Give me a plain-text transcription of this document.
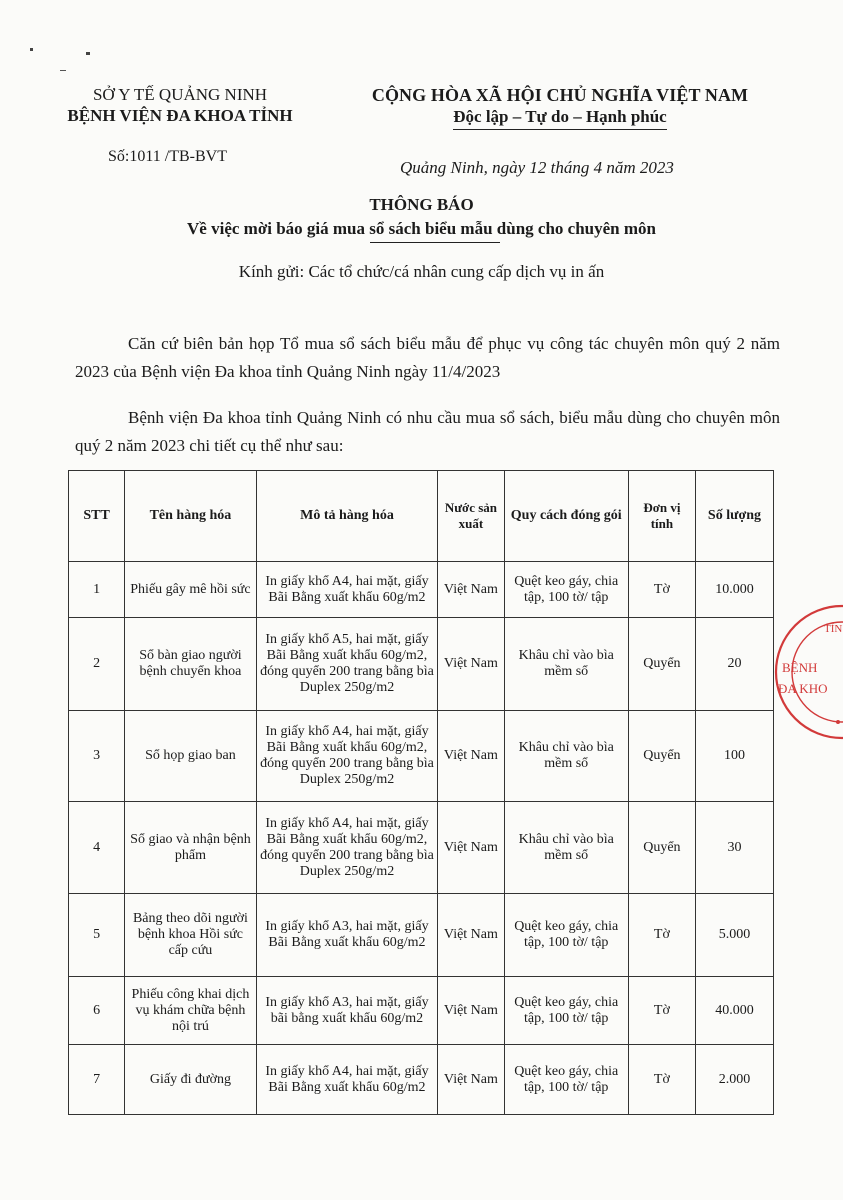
SỞ Y TẾ QUẢNG NINH
BỆNH VIỆN ĐA KHOA TỈNH
Số:1011 /TB-BVT
CỘNG HÒA XÃ HỘI CHỦ NGHĨA VIỆT NAM
Độc lập – Tự do – Hạnh phúc
Quảng Ninh, ngày 12 tháng 4 năm 2023
THÔNG BÁO
Về việc mời báo giá mua sổ sách biểu mẫu dùng cho chuyên môn
Kính gửi: Các tổ chức/cá nhân cung cấp dịch vụ in ấn
Căn cứ biên bản họp Tổ mua sổ sách biểu mẫu để phục vụ công tác chuyên môn quý 2 năm 2023 của Bệnh viện Đa khoa tỉnh Quảng Ninh ngày 11/4/2023
Bệnh viện Đa khoa tỉnh Quảng Ninh có nhu cầu mua sổ sách, biểu mẫu dùng cho chuyên môn quý 2 năm 2023 chi tiết cụ thể như sau:
STT	Tên hàng hóa	Mô tả hàng hóa	Nước sản xuất	Quy cách đóng gói	Đơn vị tính	Số lượng
1	Phiếu gây mê hồi sức	In giấy khổ A4, hai mặt, giấy Bãi Bằng xuất khẩu 60g/m2	Việt Nam	Quệt keo gáy, chia tập, 100 tờ/ tập	Tờ	10.000
2	Sổ bàn giao người bệnh chuyển khoa	In giấy khổ A5, hai mặt, giấy Bãi Bằng xuất khẩu 60g/m2, đóng quyển 200 trang bằng bìa Duplex 250g/m2	Việt Nam	Khâu chỉ vào bìa mềm sổ	Quyển	20
3	Sổ họp giao ban	In giấy khổ A4, hai mặt, giấy Bãi Bằng xuất khẩu 60g/m2, đóng quyển 200 trang bằng bìa Duplex 250g/m2	Việt Nam	Khâu chỉ vào bìa mềm sổ	Quyển	100
4	Sổ giao và nhận bệnh phẩm	In giấy khổ A4, hai mặt, giấy Bãi Bằng xuất khẩu 60g/m2, đóng quyển 200 trang bằng bìa Duplex 250g/m2	Việt Nam	Khâu chỉ vào bìa mềm sổ	Quyển	30
5	Bảng theo dõi người bệnh khoa Hồi sức cấp cứu	In giấy khổ A3, hai mặt, giấy Bãi Bằng xuất khẩu 60g/m2	Việt Nam	Quệt keo gáy, chia tập, 100 tờ/ tập	Tờ	5.000
6	Phiếu công khai dịch vụ khám chữa bệnh nội trú	In giấy khổ A3, hai mặt, giấy bãi bằng xuất khẩu 60g/m2	Việt Nam	Quệt keo gáy, chia tập, 100 tờ/ tập	Tờ	40.000
7	Giấy đi đường	In giấy khổ A4, hai mặt, giấy Bãi Bằng xuất khẩu 60g/m2	Việt Nam	Quệt keo gáy, chia tập, 100 tờ/ tập	Tờ	2.000
TỈN
BỆNH
ĐA KHO
